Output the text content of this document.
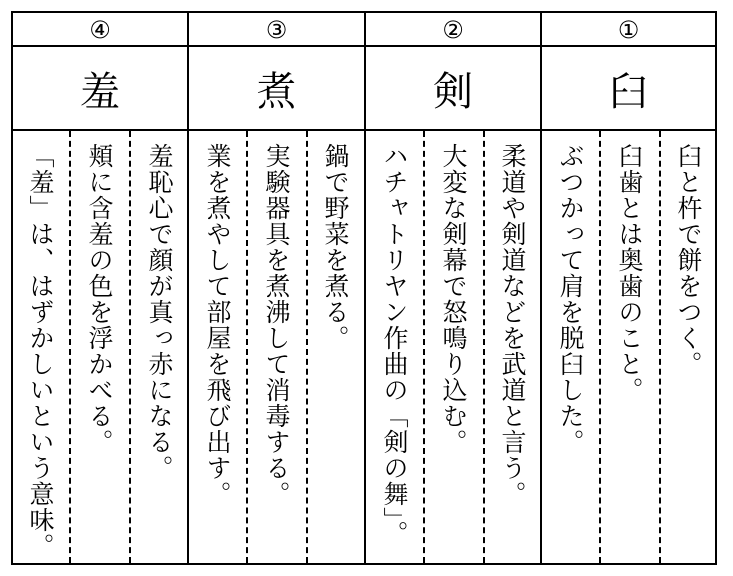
④
羞
「羞」は、はずかしいという意味。 頬に含羞の色を浮かべる。 羞恥心で顔が真っ赤になる。
③
煮
業を煮やして部屋を飛び出す。 実験器具を煮沸して消毒する。 鍋で野菜を煮る。
②
剣
ハチャトリヤン作曲の「剣の舞」。 大変な剣幕で怒鳴り込む。 柔道や剣道などを武道と言う。
①
臼
ぶつかって肩を脱臼した。 臼歯とは奥歯のこと。 臼と杵で餅をつく。
